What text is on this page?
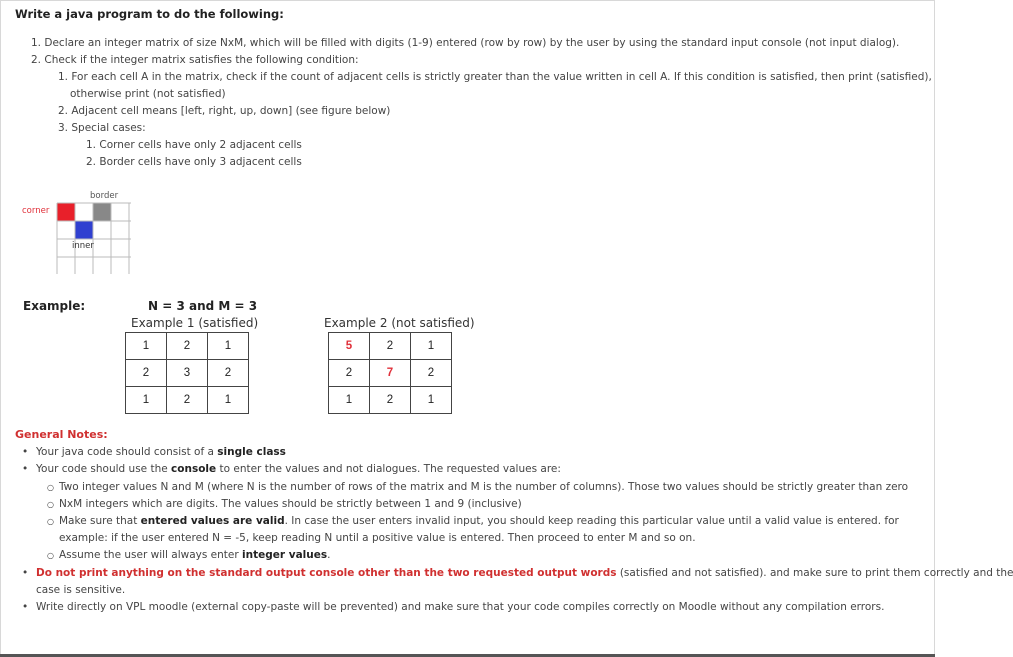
Write a java program to do the following:
1. Declare an integer matrix of size NxM, which will be filled with digits (1-9) entered (row by row) by the user by using the standard input console (not input dialog).
2. Check if the integer matrix satisfies the following condition:
1. For each cell A in the matrix, check if the count of adjacent cells is strictly greater than the value written in cell A. If this condition is satisfied, then print (satisfied),
otherwise print (not satisfied)
2. Adjacent cell means [left, right, up, down] (see figure below)
3. Special cases:
1. Corner cells have only 2 adjacent cells
2. Border cells have only 3 adjacent cells
border
corner
inner
Example:	N = 3 and M = 3
Example 1 (satisfied)	Example 2 (not satisfied)
1	2	1
2	3	2
1	2	1
5	2	1
2	7	2
1	2	1
General Notes:
• Your java code should consist of a single class
• Your code should use the console to enter the values and not dialogues. The requested values are:
○ Two integer values N and M (where N is the number of rows of the matrix and M is the number of columns). Those two values should be strictly greater than zero
○ NxM integers which are digits. The values should be strictly between 1 and 9 (inclusive)
○ Make sure that entered values are valid. In case the user enters invalid input, you should keep reading this particular value until a valid value is entered. for
example: if the user entered N = -5, keep reading N until a positive value is entered. Then proceed to enter M and so on.
○ Assume the user will always enter integer values.
• Do not print anything on the standard output console other than the two requested output words (satisfied and not satisfied). and make sure to print them correctly and the
case is sensitive.
• Write directly on VPL moodle (external copy-paste will be prevented) and make sure that your code compiles correctly on Moodle without any compilation errors.
